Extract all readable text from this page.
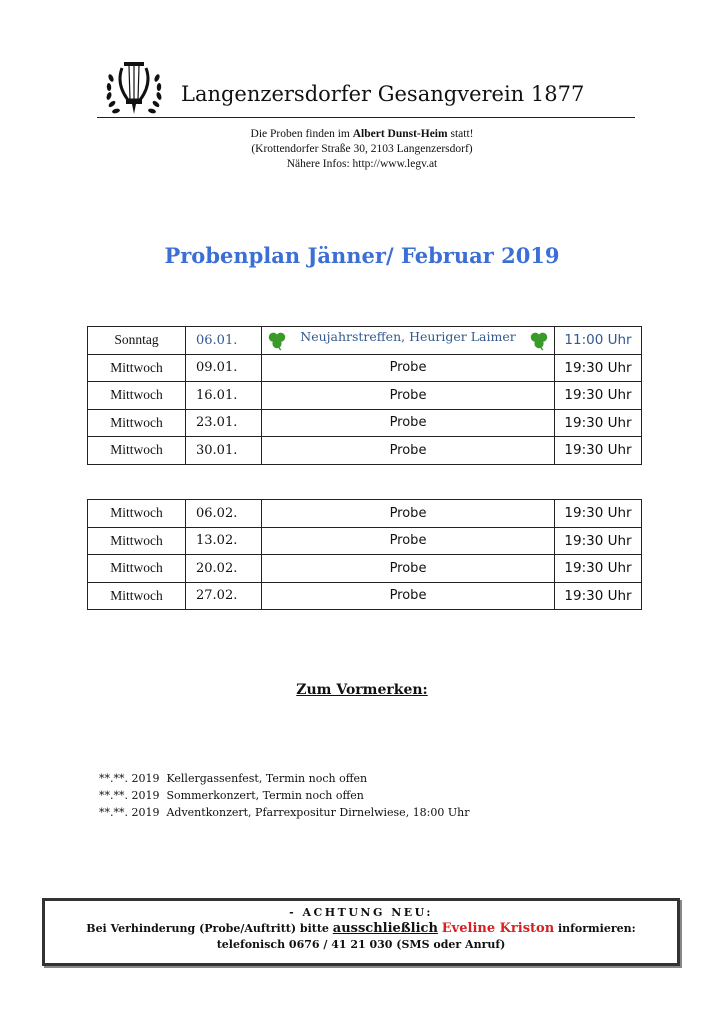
Langenzersdorfer Gesangverein 1877
Die Proben finden im Albert Dunst-Heim statt!
(Krottendorfer Straße 30, 2103 Langenzersdorf)
Nähere Infos: http://www.legv.at
Probenplan Jänner/ Februar 2019
Sonntag	06.01.	Neujahrstreffen, Heuriger Laimer	11:00 Uhr
Mittwoch	09.01.	Probe	19:30 Uhr
Mittwoch	16.01.	Probe	19:30 Uhr
Mittwoch	23.01.	Probe	19:30 Uhr
Mittwoch	30.01.	Probe	19:30 Uhr
Mittwoch	06.02.	Probe	19:30 Uhr
Mittwoch	13.02.	Probe	19:30 Uhr
Mittwoch	20.02.	Probe	19:30 Uhr
Mittwoch	27.02.	Probe	19:30 Uhr
Zum Vormerken:
**.**. 2019  Kellergassenfest, Termin noch offen
**.**. 2019  Sommerkonzert, Termin noch offen
**.**. 2019  Adventkonzert, Pfarrexpositur Dirnelwiese, 18:00 Uhr
- ACHTUNG NEU:
Bei Verhinderung (Probe/Auftritt) bitte ausschließlich Eveline Kriston informieren:
telefonisch 0676 / 41 21 030 (SMS oder Anruf)
